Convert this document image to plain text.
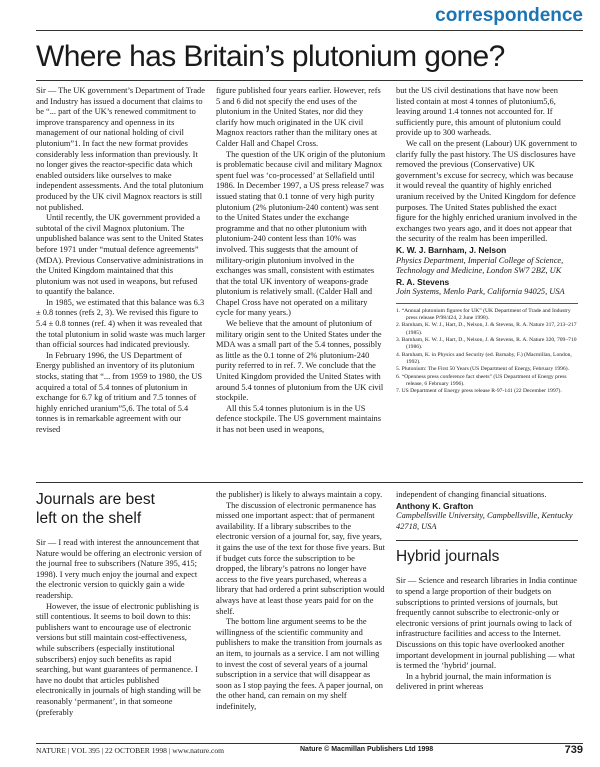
correspondence
Where has Britain’s plutonium gone?

Sir — The UK government’s Department of Trade and Industry has issued a document that claims to be “... part of the UK’s renewed commitment to improve transparency and openness in its management of our national holding of civil plutonium”1. In fact the new format provides considerably less information than previously. It no longer gives the reactor-specific data which enabled outsiders like ourselves to make independent assessments. And the total plutonium produced by the UK civil Magnox reactors is still not published.

Until recently, the UK government provided a subtotal of the civil Magnox plutonium. The unpublished balance was sent to the United States before 1971 under “mutual defence agreements” (MDA). Previous Conservative administrations in the United Kingdom maintained that this plutonium was not used in weapons, but refused to quantify the balance.

In 1985, we estimated that this balance was 6.3 ± 0.8 tonnes (refs 2, 3). We revised this figure to 5.4 ± 0.8 tonnes (ref. 4) when it was revealed that the total plutonium in solid waste was much larger than official sources had indicated previously.

In February 1996, the US Department of Energy published an inventory of its plutonium stocks, stating that “... from 1959 to 1980, the US acquired a total of 5.4 tonnes of plutonium in exchange for 6.7 kg of tritium and 7.5 tonnes of highly enriched uranium”5,6. The total of 5.4 tonnes is in remarkable agreement with our revised

figure published four years earlier. However, refs 5 and 6 did not specify the end uses of the plutonium in the United States, nor did they clarify how much originated in the UK civil Magnox reactors rather than the military ones at Calder Hall and Chapel Cross.

The question of the UK origin of the plutonium is problematic because civil and military Magnox spent fuel was ‘co-processed’ at Sellafield until 1986. In December 1997, a US press release7 was issued stating that 0.1 tonne of very high purity plutonium (2% plutonium-240 content) was sent to the United States under the exchange programme and that no other plutonium with plutonium-240 content less than 10% was involved. This suggests that the amount of military-origin plutonium involved in the exchanges was small, consistent with estimates that the total UK inventory of weapons-grade plutonium is relatively small. (Calder Hall and Chapel Cross have not operated on a military cycle for many years.)

We believe that the amount of plutonium of military origin sent to the United States under the MDA was a small part of the 5.4 tonnes, possibly as little as the 0.1 tonne of 2% plutonium-240 purity referred to in ref. 7. We conclude that the United Kingdom provided the United States with around 5.4 tonnes of plutonium from the UK civil stockpile.

All this 5.4 tonnes plutonium is in the US defence stockpile. The US government maintains it has not been used in weapons,

but the US civil destinations that have now been listed contain at most 4 tonnes of plutonium5,6, leaving around 1.4 tonnes not accounted for. If sufficiently pure, this amount of plutonium could provide up to 300 warheads.

We call on the present (Labour) UK government to clarify fully the past history. The US disclosures have removed the previous (Conservative) UK government’s excuse for secrecy, which was because it would reveal the quantity of highly enriched uranium received by the United Kingdom for defence purposes. The United States published the exact figure for the highly enriched uranium involved in the exchanges two years ago, and it does not appear that the security of the realm has been imperilled.

K. W. J. Barnham, J. Nelson
Physics Department, Imperial College of Science, Technology and Medicine, London SW7 2BZ, UK
R. A. Stevens
Join Systems, Menlo Park, California 94025, USA
1. “Annual plutonium figures for UK” (UK Department of Trade and Industry press release P/98/424, 2 June 1998).
2. Barnham, K. W. J., Hart, D., Nelson, J. & Stevens, R. A. Nature 317, 213–217 (1985).
3. Barnham, K. W. J., Hart, D., Nelson, J. & Stevens, R. A. Nature 320, 709–710 (1986).
4. Barnham, K. in Physics and Security (ed. Barnaby, F.) (Macmillan, London, 1992).
5. Plutonium: The First 50 Years (US Department of Energy, February 1996).
6. “Openness press conference fact sheets” (US Department of Energy press release, 6 February 1996).
7. US Department of Energy press release R-97-141 (22 December 1997).
Journals are best
left on the shelf

Sir — I read with interest the announcement that Nature would be offering an electronic version of the journal free to subscribers (Nature 395, 415; 1998). I very much enjoy the journal and expect the electronic version to quickly gain a wide readership.

However, the issue of electronic publishing is still contentious. It seems to boil down to this: publishers want to encourage use of electronic versions but still maintain cost-effectiveness, while subscribers (especially institutional subscribers) enjoy such benefits as rapid searching, but want guarantees of permanence. I have no doubt that articles published electronically in journals of high standing will be reasonably ‘permanent’, in that someone (preferably

the publisher) is likely to always maintain a copy.

The discussion of electronic permanence has missed one important aspect: that of permanent availability. If a library subscribes to the electronic version of a journal for, say, five years, it gains the use of the text for those five years. But if budget cuts force the subscription to be dropped, the library’s patrons no longer have access to the five years purchased, whereas a library that had ordered a print subscription would always have at least those years paid for on the shelf.

The bottom line argument seems to be the willingness of the scientific community and publishers to make the transition from journals as an item, to journals as a service. I am not willing to invest the cost of several years of a journal subscription in a service that will disappear as soon as I stop paying the fees. A paper journal, on the other hand, can remain on my shelf indefinitely,

independent of changing financial situations.

Anthony K. Grafton
Campbellsville University, Campbellsville, Kentucky 42718, USA
Hybrid journals

Sir — Science and research libraries in India continue to spend a large proportion of their budgets on subscriptions to printed versions of journals, but frequently cannot subscribe to electronic-only or electronic versions of print journals owing to lack of infrastructure facilities and access to the Internet. Discussions on this topic have overlooked another important development in journal publishing — what is termed the ‘hybrid’ journal.

In a hybrid journal, the main information is delivered in print whereas

NATURE | VOL 395 | 22 OCTOBER 1998 | www.nature.com	Nature © Macmillan Publishers Ltd 1998	739
